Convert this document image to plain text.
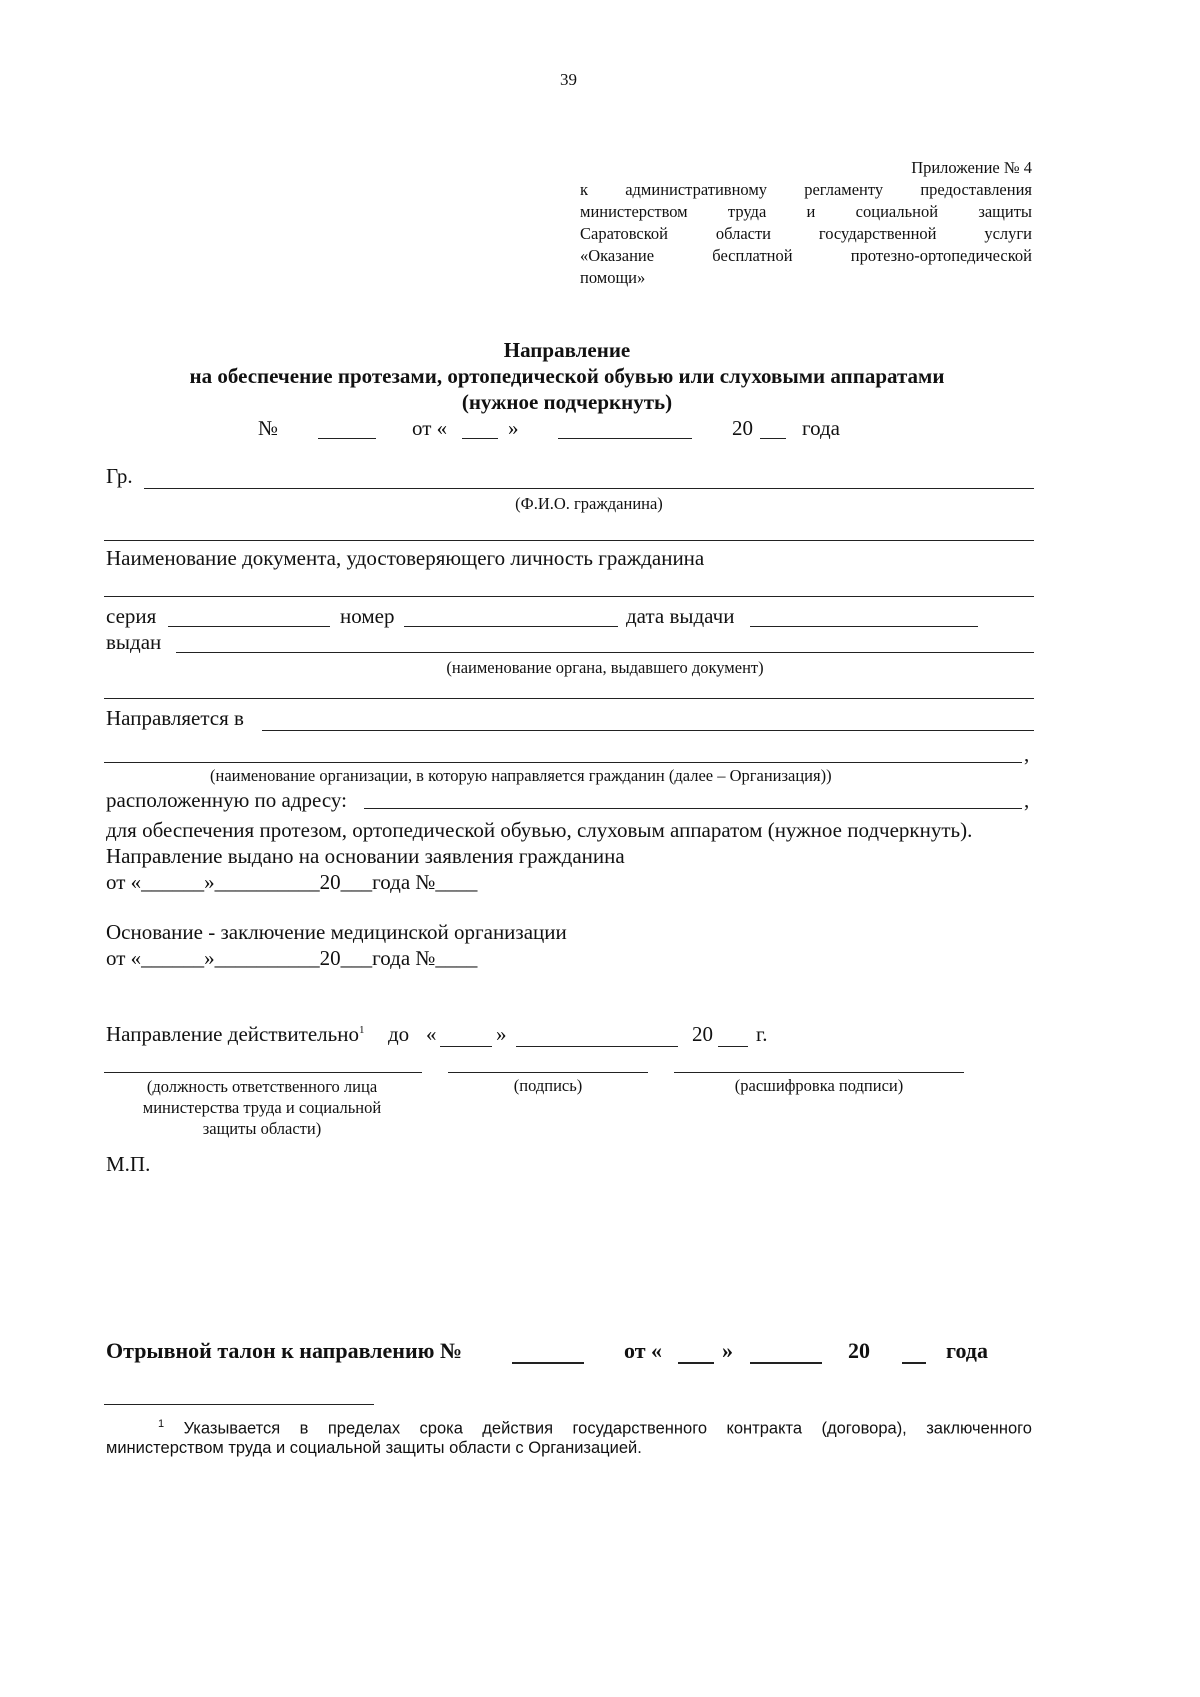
39
Приложение № 4
к административному регламенту предоставления
министерством труда и социальной защиты
Саратовской области государственной услуги
«Оказание бесплатной протезно-ортопедической
помощи»
Направление
на обеспечение протезами, ортопедической обувью или слуховыми аппаратами
(нужное подчеркнуть)
№	от «	»	20 года
Гр.
(Ф.И.О. гражданина)
Наименование документа, удостоверяющего личность гражданина
серия	номер	дата выдачи
выдан
(наименование органа, выдавшего документ)
Направляется в
,
(наименование организации, в которую направляется гражданин (далее – Организация))
расположенную по адресу:	,
для обеспечения протезом, ортопедической обувью, слуховым аппаратом (нужное подчеркнуть).
Направление выдано на основании заявления гражданина
от «______»__________20___года №____
Основание - заключение медицинской организации
от «______»__________20___года №____
Направление действительно$^1$ до «	»	20 г.
(должность ответственного лица министерства труда и социальной защиты области)
(подпись)	(расшифровка подписи)
М.П.
Отрывной талон к направлению №	от «	»	20	года
$^1$ Указывается в пределах срока действия государственного контракта (договора), заключенного
министерством труда и социальной защиты области с Организацией.
